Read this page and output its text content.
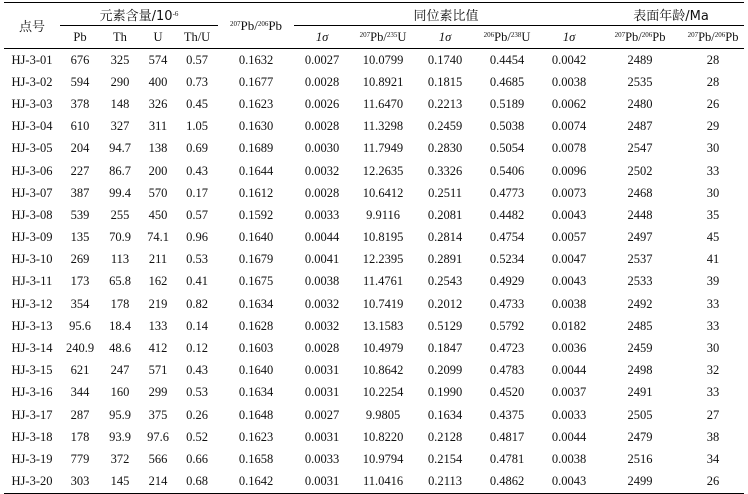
点号	元素含量$/10^{-6}$				$^{207}$Pb/$^{206}$Pb	同位素比值					表面年龄/Ma	
	Pb	Th	U	Th/U		1σ	$^{207}$Pb/$^{235}$U	1σ	$^{206}$Pb/$^{238}$U	1σ	$^{207}$Pb/$^{206}$Pb	$^{207}$Pb/$^{206}$Pb
HJ-3-01	676	325	574	0.57	0.1632	0.0027	10.0799	0.1740	0.4454	0.0042	2489	28
HJ-3-02	594	290	400	0.73	0.1677	0.0028	10.8921	0.1815	0.4685	0.0038	2535	28
HJ-3-03	378	148	326	0.45	0.1623	0.0026	11.6470	0.2213	0.5189	0.0062	2480	26
HJ-3-04	610	327	311	1.05	0.1630	0.0028	11.3298	0.2459	0.5038	0.0074	2487	29
HJ-3-05	204	94.7	138	0.69	0.1689	0.0030	11.7949	0.2830	0.5054	0.0078	2547	30
HJ-3-06	227	86.7	200	0.43	0.1644	0.0032	12.2635	0.3326	0.5406	0.0096	2502	33
HJ-3-07	387	99.4	570	0.17	0.1612	0.0028	10.6412	0.2511	0.4773	0.0073	2468	30
HJ-3-08	539	255	450	0.57	0.1592	0.0033	9.9116	0.2081	0.4482	0.0043	2448	35
HJ-3-09	135	70.9	74.1	0.96	0.1640	0.0044	10.8195	0.2814	0.4754	0.0057	2497	45
HJ-3-10	269	113	211	0.53	0.1679	0.0041	12.2395	0.2891	0.5234	0.0047	2537	41
HJ-3-11	173	65.8	162	0.41	0.1675	0.0038	11.4761	0.2543	0.4929	0.0043	2533	39
HJ-3-12	354	178	219	0.82	0.1634	0.0032	10.7419	0.2012	0.4733	0.0038	2492	33
HJ-3-13	95.6	18.4	133	0.14	0.1628	0.0032	13.1583	0.5129	0.5792	0.0182	2485	33
HJ-3-14	240.9	48.6	412	0.12	0.1603	0.0028	10.4979	0.1847	0.4723	0.0036	2459	30
HJ-3-15	621	247	571	0.43	0.1640	0.0031	10.8642	0.2099	0.4783	0.0044	2498	32
HJ-3-16	344	160	299	0.53	0.1634	0.0031	10.2254	0.1990	0.4520	0.0037	2491	33
HJ-3-17	287	95.9	375	0.26	0.1648	0.0027	9.9805	0.1634	0.4375	0.0033	2505	27
HJ-3-18	178	93.9	97.6	0.52	0.1623	0.0031	10.8220	0.2128	0.4817	0.0044	2479	38
HJ-3-19	779	372	566	0.66	0.1658	0.0033	10.9794	0.2154	0.4781	0.0038	2516	34
HJ-3-20	303	145	214	0.68	0.1642	0.0031	11.0416	0.2113	0.4862	0.0043	2499	26
